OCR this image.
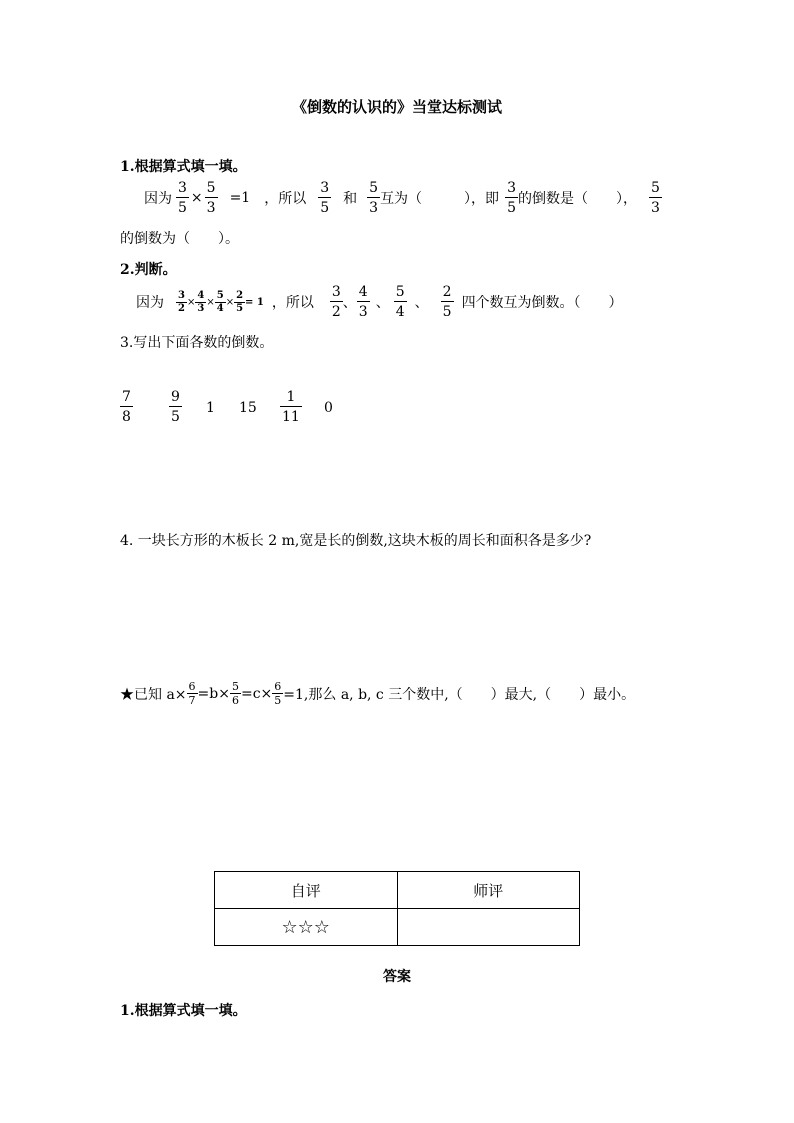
《倒数的认识的》当堂达标测试
1.根据算式填一填。
因为 $\frac{3}{5} \times \frac{5}{3} =1$ ，所以 $\frac{3}{5}$ 和 $\frac{5}{3}$ 互为（　　　），即 $\frac{3}{5}$ 的倒数是（　　）， $\frac{5}{3}$
的倒数为（　　）。
2.判断。
因为 $\frac{3}{2} \times \frac{4}{3} \times \frac{5}{4} \times \frac{2}{5} = 1$ ，所以 $\frac{3}{2}$ 、 $\frac{4}{3}$ 、 $\frac{5}{4}$ 、 $\frac{2}{5}$ 四个数互为倒数。（　　）
3.写出下面各数的倒数。
$\frac{7}{8}$	$\frac{9}{5} 1$ $15 \frac{1}{11} 0$
4. 一块长方形的木板长 2 m,宽是长的倒数,这块木板的周长和面积各是多少?
★已知 $a\times \frac{6}{7} =b\times \frac{5}{6} =c\times \frac{6}{5} =1$,那么 a, b, c 三个数中,（　　）最大,（　　）最小。
自评	师评
☆☆☆	
答案
1.根据算式填一填。
